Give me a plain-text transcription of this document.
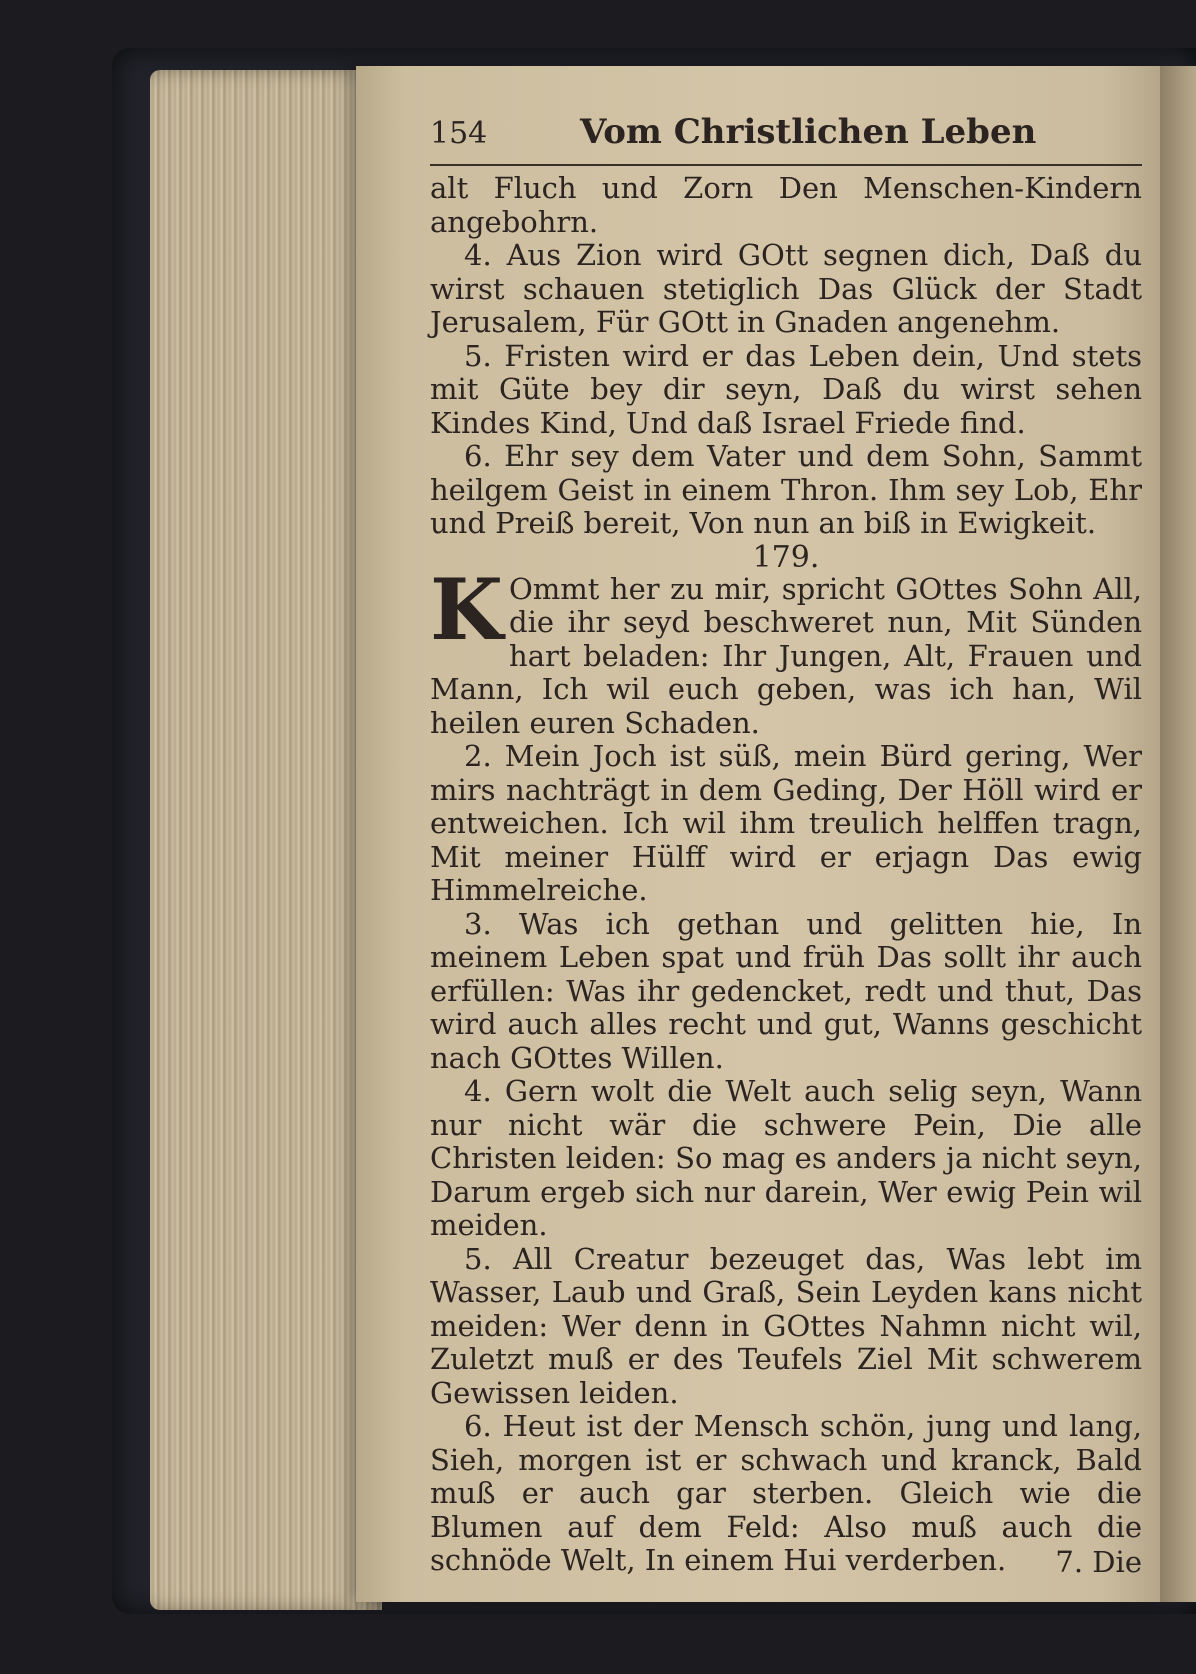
154	Vom Christlichen Leben

alt Fluch und Zorn Den Menschen-Kindern angebohrn.

4. Aus Zion wird GOtt segnen dich, Daß du wirst schauen stetiglich Das Glück der Stadt Jerusalem, Für GOtt in Gnaden angenehm.

5. Fristen wird er das Leben dein, Und stets mit Güte bey dir seyn, Daß du wirst sehen Kindes Kind, Und daß Israel Friede find.

6. Ehr sey dem Vater und dem Sohn, Sammt heilgem Geist in einem Thron. Ihm sey Lob, Ehr und Preiß bereit, Von nun an biß in Ewigkeit.

179.

K Ommt her zu mir, spricht GOttes Sohn All, die ihr seyd beschweret nun, Mit Sünden hart beladen: Ihr Jungen, Alt, Frauen und Mann, Ich wil euch geben, was ich han, Wil heilen euren Schaden.

2. Mein Joch ist süß, mein Bürd gering, Wer mirs nachträgt in dem Geding, Der Höll wird er entweichen. Ich wil ihm treulich helffen tragn, Mit meiner Hülff wird er erjagn Das ewig Himmelreiche.

3. Was ich gethan und gelitten hie, In meinem Leben spat und früh Das sollt ihr auch erfüllen: Was ihr gedencket, redt und thut, Das wird auch alles recht und gut, Wanns geschicht nach GOttes Willen.

4. Gern wolt die Welt auch selig seyn, Wann nur nicht wär die schwere Pein, Die alle Christen leiden: So mag es anders ja nicht seyn, Darum ergeb sich nur darein, Wer ewig Pein wil meiden.

5. All Creatur bezeuget das, Was lebt im Wasser, Laub und Graß, Sein Leyden kans nicht meiden: Wer denn in GOttes Nahmn nicht wil, Zuletzt muß er des Teufels Ziel Mit schwerem Gewissen leiden.

6. Heut ist der Mensch schön, jung und lang, Sieh, morgen ist er schwach und kranck, Bald muß er auch gar sterben. Gleich wie die Blumen auf dem Feld: Also muß auch die schnöde Welt, In einem Hui verderben.	7. Die
